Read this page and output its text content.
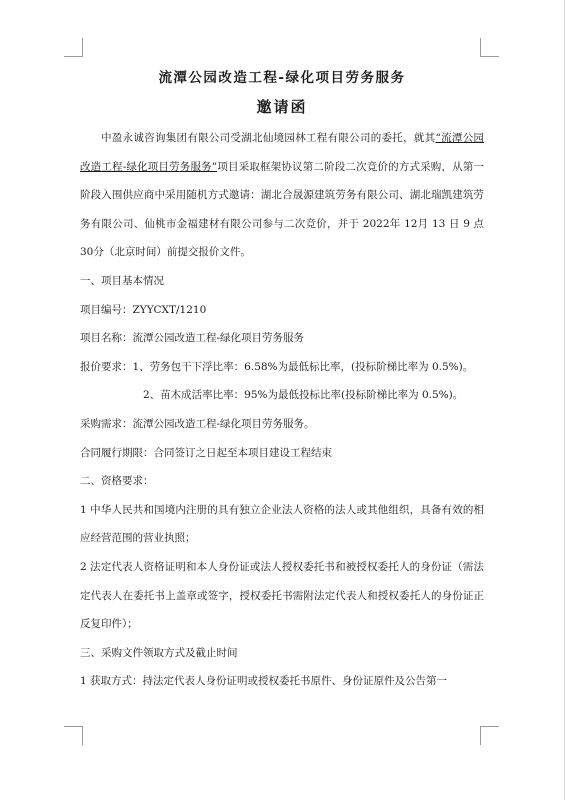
流潭公园改造工程-绿化项目劳务服务
邀请函

中盈永诚咨询集团有限公司受湖北仙境园林工程有限公司的委托，就其“流潭公园改造工程-绿化项目劳务服务”项目采取框架协议第二阶段二次竞价的方式采购，从第一阶段入围供应商中采用随机方式邀请：湖北合晟源建筑劳务有限公司、湖北瑞凯建筑劳务有限公司、仙桃市金福建材有限公司参与二次竞价，并于 2022年 12月 13 日 9 点 30分（北京时间）前提交报价文件。

一、项目基本情况

项目编号：ZYYCXT/1210

项目名称：流潭公园改造工程-绿化项目劳务服务

报价要求：1、劳务包干下浮比率：6.58%为最低标比率，(投标阶梯比率为 0.5%)。

2、苗木成活率比率：95%为最低投标比率(投标阶梯比率为 0.5%)。

采购需求：流潭公园改造工程-绿化项目劳务服务。

合同履行期限：合同签订之日起至本项目建设工程结束

二、资格要求：

1 中华人民共和国境内注册的具有独立企业法人资格的法人或其他组织，具备有效的相应经营范围的营业执照；

2 法定代表人资格证明和本人身份证或法人授权委托书和被授权委托人的身份证（需法定代表人在委托书上盖章或签字，授权委托书需附法定代表人和授权委托人的身份证正反复印件）；

三、采购文件领取方式及截止时间

1 获取方式：持法定代表人身份证明或授权委托书原件、身份证原件及公告第一
